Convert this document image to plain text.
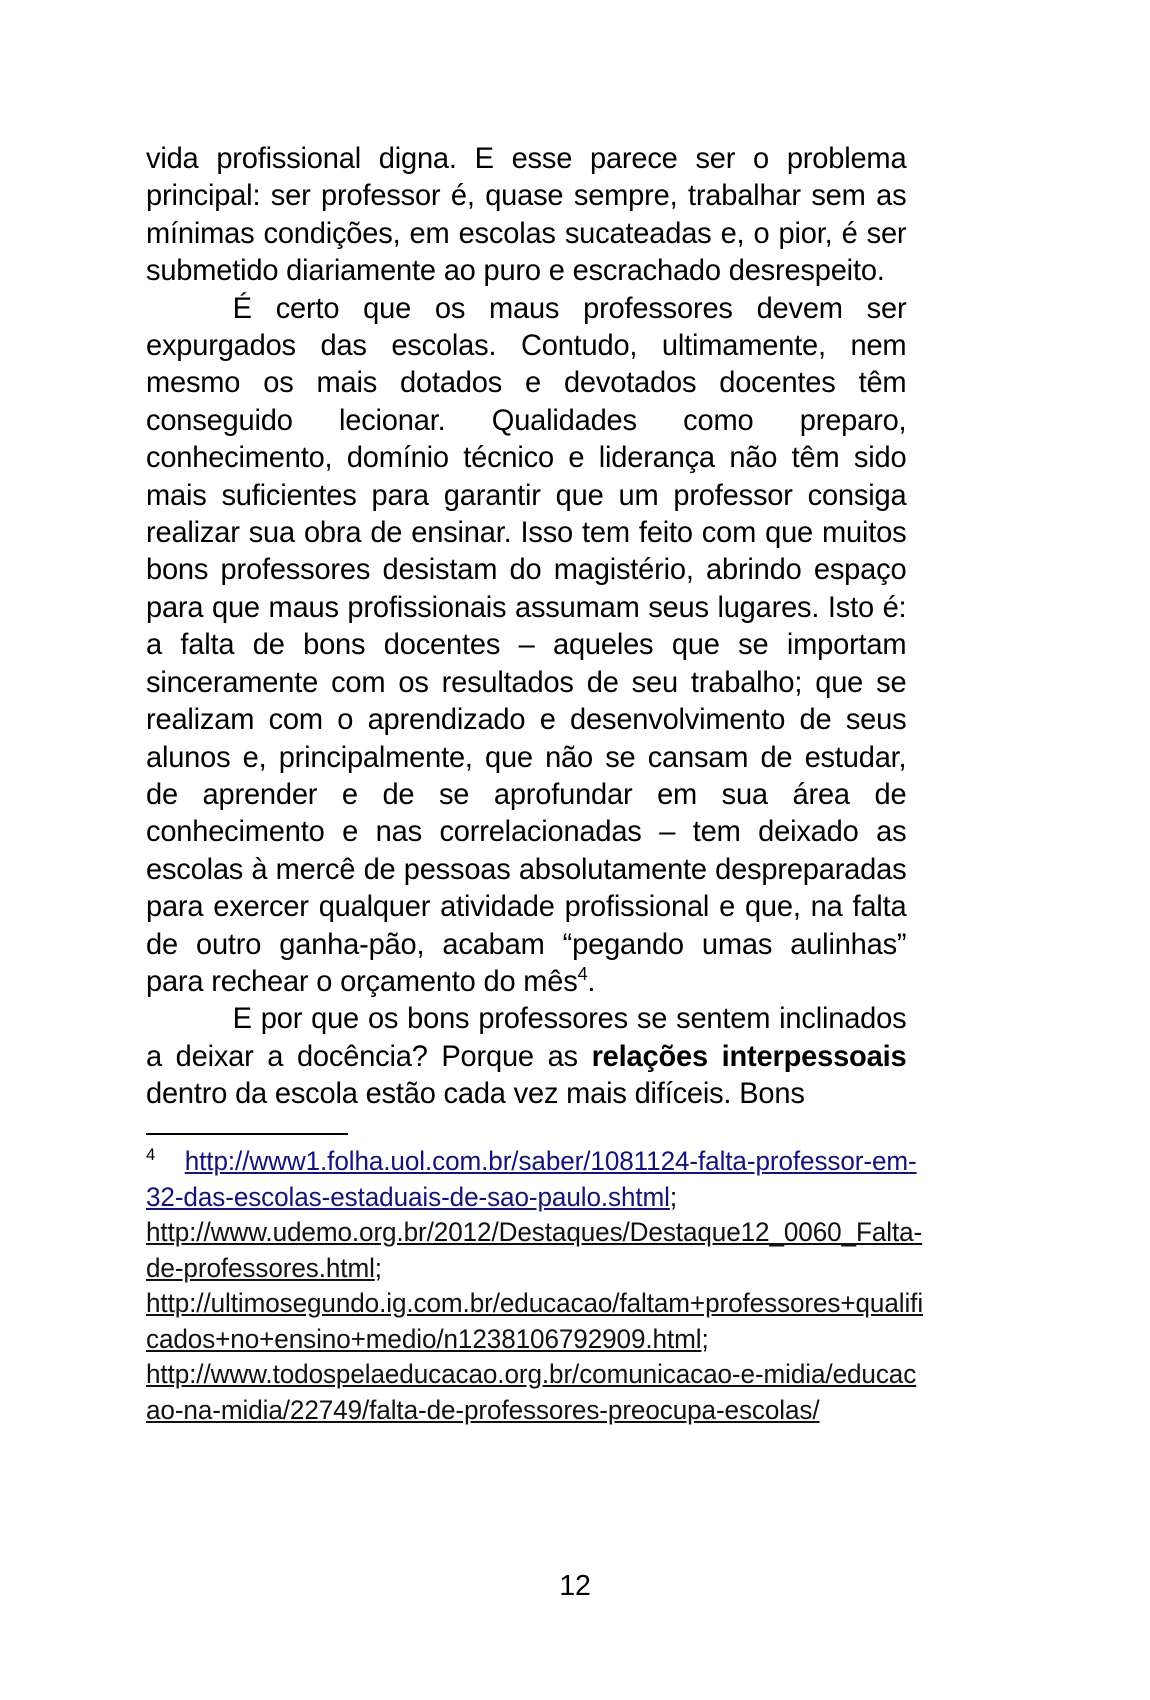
vida profissional digna. E esse parece ser o problema principal: ser professor é, quase sempre, trabalhar sem as mínimas condições, em escolas sucateadas e, o pior, é ser submetido diariamente ao puro e escrachado desrespeito.

É certo que os maus professores devem ser expurgados das escolas. Contudo, ultimamente, nem mesmo os mais dotados e devotados docentes têm conseguido lecionar. Qualidades como preparo, conhecimento, domínio técnico e liderança não têm sido mais suficientes para garantir que um professor consiga realizar sua obra de ensinar. Isso tem feito com que muitos bons professores desistam do magistério, abrindo espaço para que maus profissionais assumam seus lugares. Isto é: a falta de bons docentes – aqueles que se importam sinceramente com os resultados de seu trabalho; que se realizam com o aprendizado e desenvolvimento de seus alunos e, principalmente, que não se cansam de estudar, de aprender e de se aprofundar em sua área de conhecimento e nas correlacionadas – tem deixado as escolas à mercê de pessoas absolutamente despreparadas para exercer qualquer atividade profissional e que, na falta de outro ganha-pão, acabam “pegando umas aulinhas” para rechear o orçamento do mês$^4$.

E por que os bons professores se sentem inclinados a deixar a docência? Porque as relações interpessoais dentro da escola estão cada vez mais difíceis. Bons

$^4$ http://www1.folha.uol.com.br/saber/1081124-falta-professor-em-32-das-escolas-estaduais-de-sao-paulo.shtml;
http://www.udemo.org.br/2012/Destaques/Destaque12_0060_Falta-de-professores.html;
http://ultimosegundo.ig.com.br/educacao/faltam+professores+qualificados+no+ensino+medio/n1238106792909.html;
http://www.todospelaeducacao.org.br/comunicacao-e-midia/educacao-na-midia/22749/falta-de-professores-preocupa-escolas/
12
